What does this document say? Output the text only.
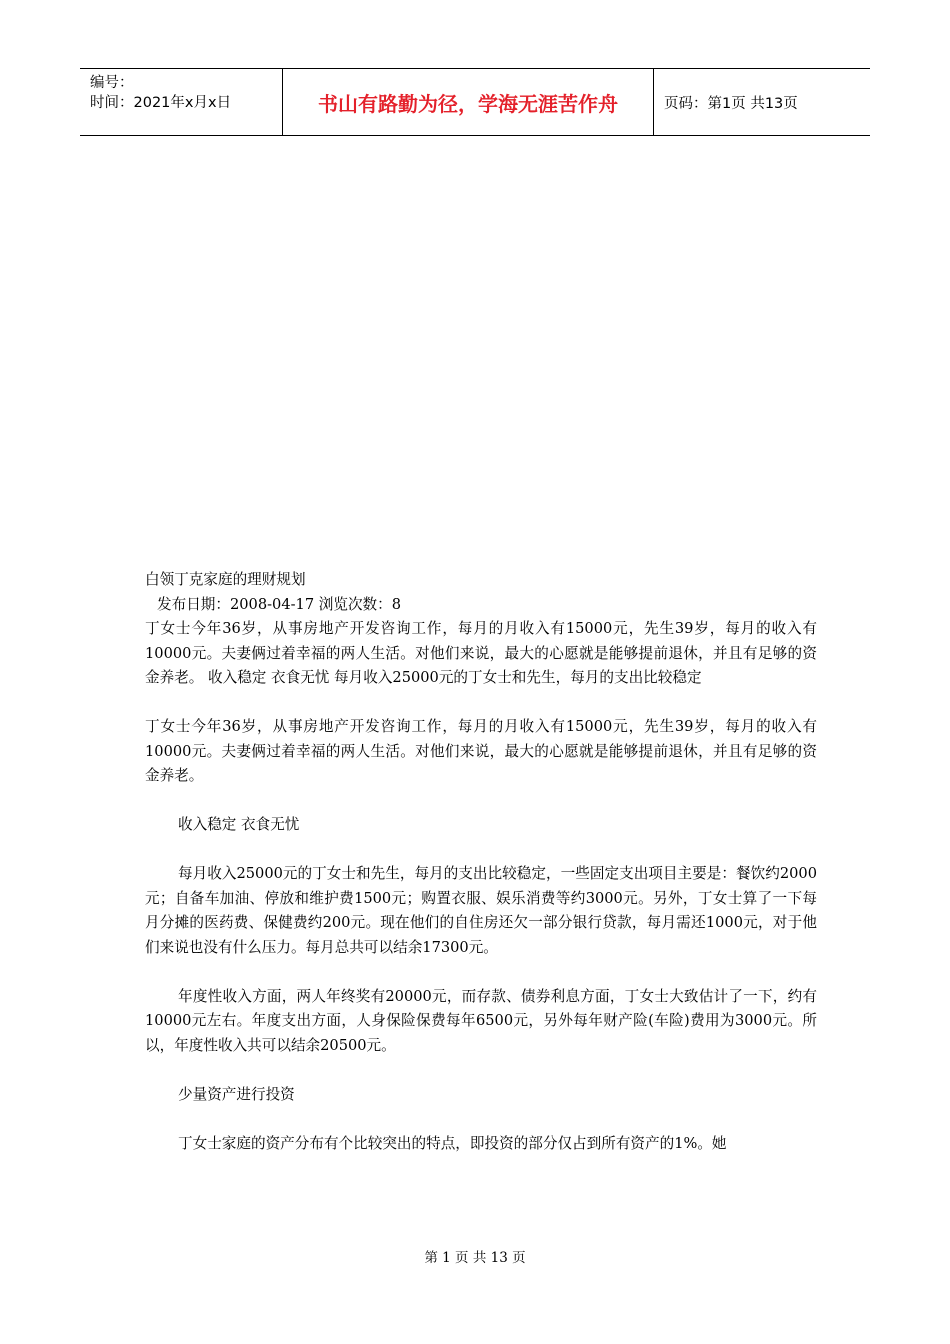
编号：
时间：2021年x月x日	书山有路勤为径，学海无涯苦作舟	页码：第1页 共13页

白领丁克家庭的理财规划

发布日期：2008-04-17 浏览次数：8

丁女士今年36岁，从事房地产开发咨询工作，每月的月收入有15000元，先生39岁，每月的收入有10000元。夫妻俩过着幸福的两人生活。对他们来说，最大的心愿就是能够提前退休，并且有足够的资金养老。 收入稳定 衣食无忧 每月收入25000元的丁女士和先生，每月的支出比较稳定

丁女士今年36岁，从事房地产开发咨询工作，每月的月收入有15000元，先生39岁，每月的收入有10000元。夫妻俩过着幸福的两人生活。对他们来说，最大的心愿就是能够提前退休，并且有足够的资金养老。

收入稳定 衣食无忧

每月收入25000元的丁女士和先生，每月的支出比较稳定，一些固定支出项目主要是：餐饮约2000元；自备车加油、停放和维护费1500元；购置衣服、娱乐消费等约3000元。另外，丁女士算了一下每月分摊的医药费、保健费约200元。现在他们的自住房还欠一部分银行贷款，每月需还1000元，对于他们来说也没有什么压力。每月总共可以结余17300元。

年度性收入方面，两人年终奖有20000元，而存款、债券利息方面，丁女士大致估计了一下，约有10000元左右。年度支出方面，人身保险保费每年6500元，另外每年财产险(车险)费用为3000元。所以，年度性收入共可以结余20500元。

少量资产进行投资

丁女士家庭的资产分布有个比较突出的特点，即投资的部分仅占到所有资产的1%。她

第 1 页 共 13 页
